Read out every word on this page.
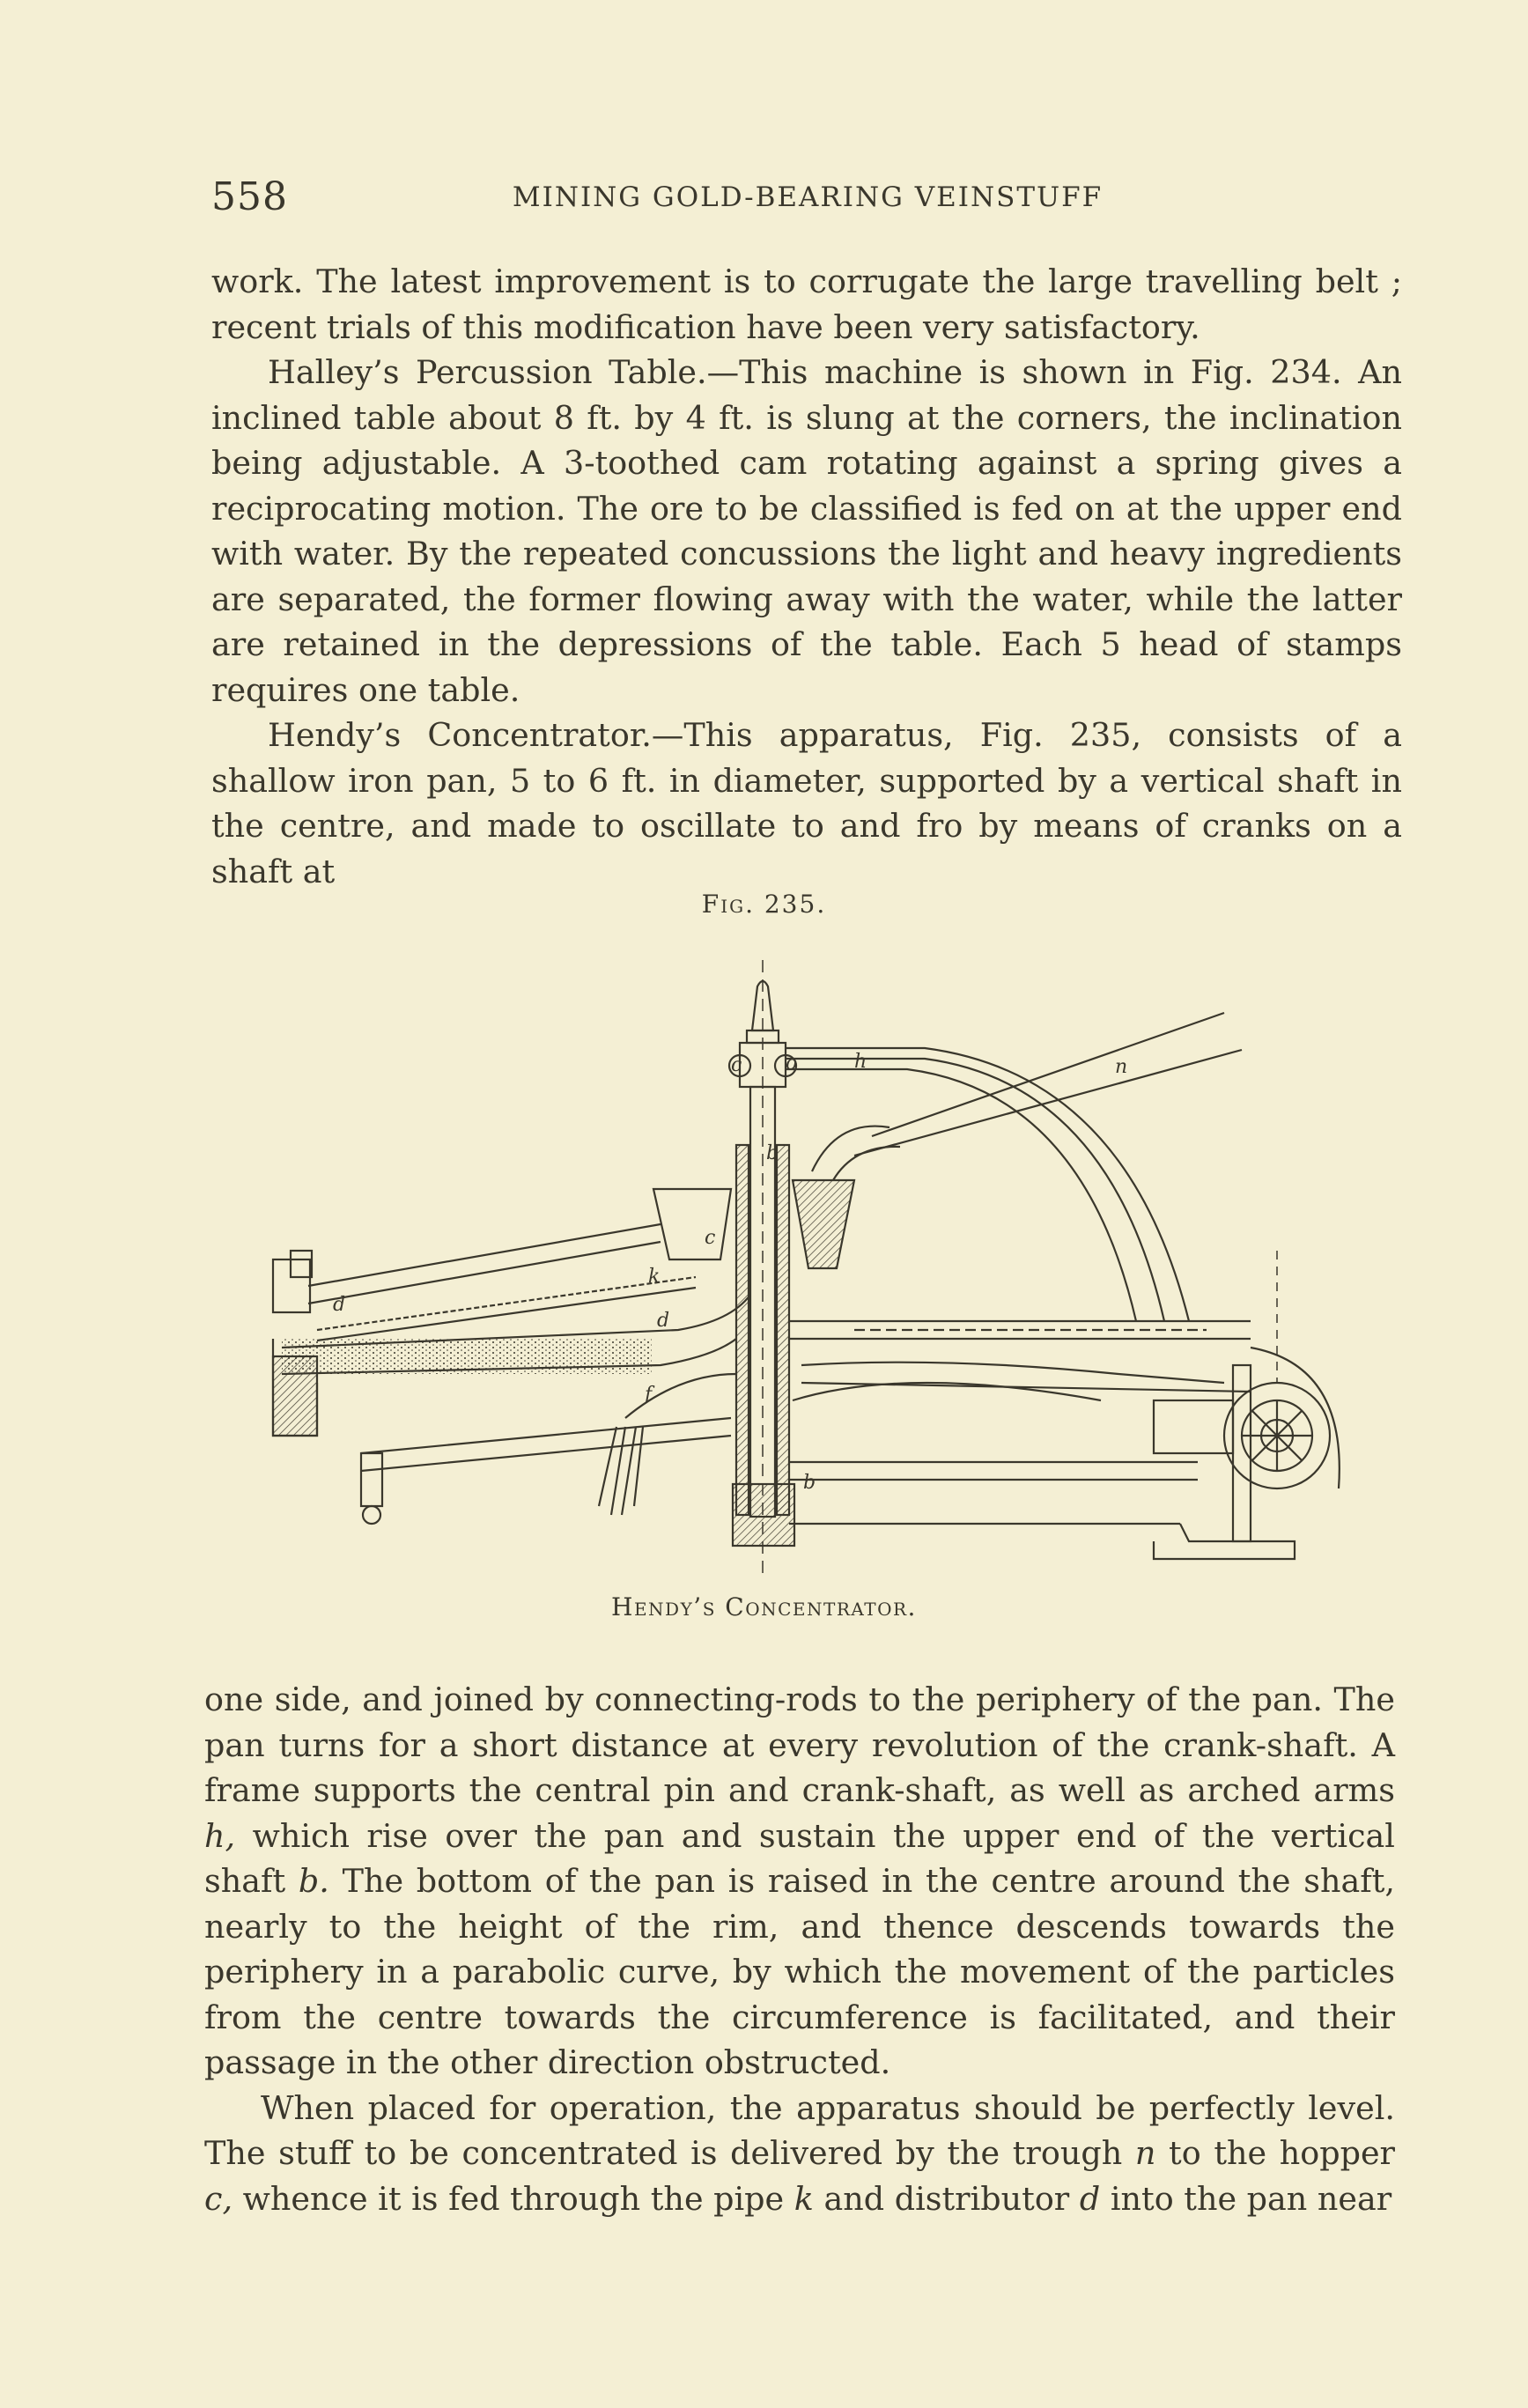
558	MINING GOLD-BEARING VEINSTUFF

work. The latest improvement is to corrugate the large travelling belt ; recent trials of this modification have been very satisfactory.

Halley’s Percussion Table.—This machine is shown in Fig. 234. An inclined table about 8 ft. by 4 ft. is slung at the corners, the inclination being adjustable. A 3-toothed cam rotating against a spring gives a reciprocating motion. The ore to be classified is fed on at the upper end with water. By the repeated concussions the light and heavy ingredients are separated, the former flowing away with the water, while the latter are retained in the depressions of the table. Each 5 head of stamps requires one table.

Hendy’s Concentrator.—This apparatus, Fig. 235, consists of a shallow iron pan, 5 to 6 ft. in diameter, supported by a vertical shaft in the centre, and made to oscillate to and fro by means of cranks on a shaft at

Fig. 235.
c o	h	n
b
c
k
d
d
f
b
Hendy’s Concentrator.

one side, and joined by connecting-rods to the periphery of the pan. The pan turns for a short distance at every revolution of the crank-shaft. A frame supports the central pin and crank-shaft, as well as arched arms h, which rise over the pan and sustain the upper end of the vertical shaft b. The bottom of the pan is raised in the centre around the shaft, nearly to the height of the rim, and thence descends towards the periphery in a parabolic curve, by which the movement of the particles from the centre towards the circumference is facilitated, and their passage in the other direction obstructed.

When placed for operation, the apparatus should be perfectly level. The stuff to be concentrated is delivered by the trough n to the hopper c, whence it is fed through the pipe k and distributor d into the pan near
